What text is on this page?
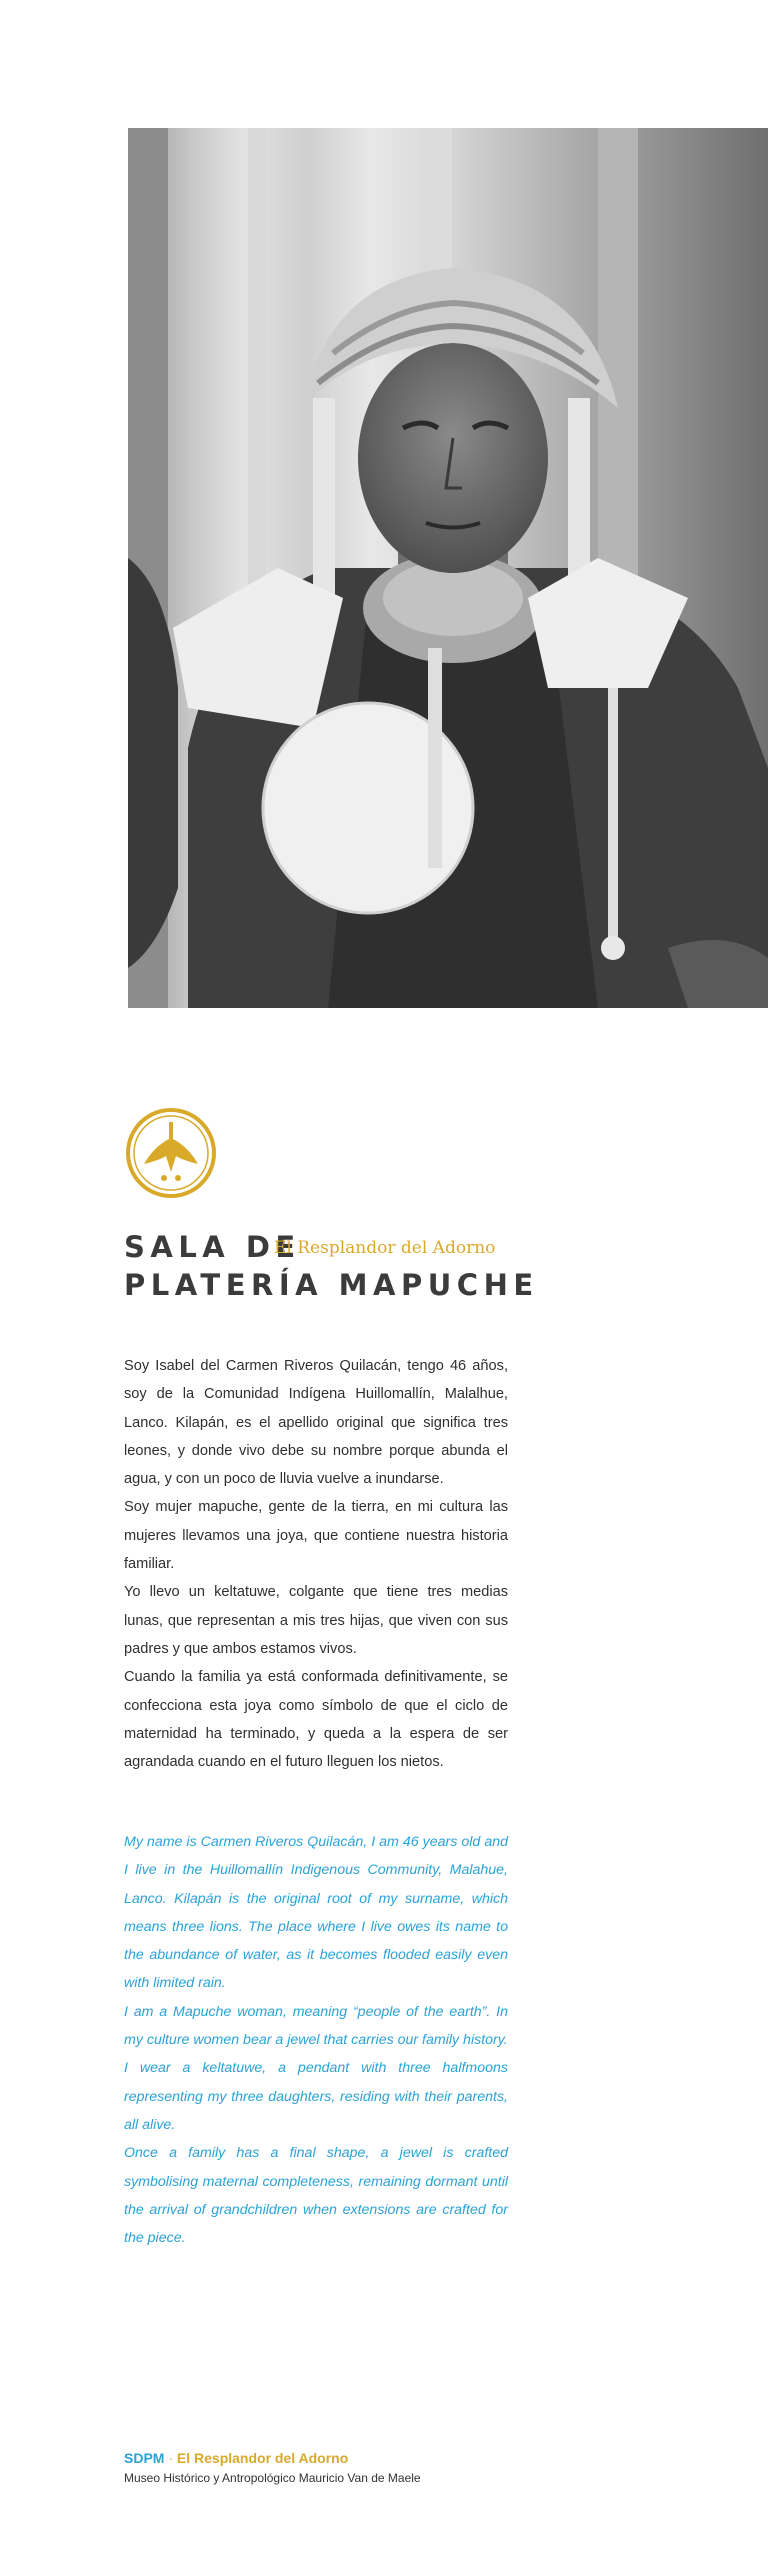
SALA DE
PLATERÍA MAPUCHE
El Resplandor del Adorno

Soy Isabel del Carmen Riveros Quilacán, tengo 46 años, soy de la Comunidad Indígena Huillomallín, Malalhue, Lanco. Kilapán, es el apellido original que significa tres leones, y donde vivo debe su nombre porque abunda el agua, y con un poco de lluvia vuelve a inundarse.

Soy mujer mapuche, gente de la tierra, en mi cultura las mujeres llevamos una joya, que contiene nuestra historia familiar.

Yo llevo un keltatuwe, colgante que tiene tres medias lunas, que representan a mis tres hijas, que viven con sus padres y que ambos estamos vivos.

Cuando la familia ya está conformada definitivamente, se confecciona esta joya como símbolo de que el ciclo de maternidad ha terminado, y queda a la espera de ser agrandada cuando en el futuro lleguen los nietos.

My name is Carmen Riveros Quilacán, I am 46 years old and I live in the Huillomallín Indigenous Community, Malahue, Lanco. Kilapán is the original root of my surname, which means three lions. The place where I live owes its name to the abundance of water, as it becomes flooded easily even with limited rain.

I am a Mapuche woman, meaning “people of the earth”. In my culture women bear a jewel that carries our family history.

I wear a keltatuwe, a pendant with three halfmoons representing my three daughters, residing with their parents, all alive.

Once a family has a final shape, a jewel is crafted symbolising maternal completeness, remaining dormant until the arrival of grandchildren when extensions are crafted for the piece.

SDPM · El Resplandor del Adorno
Museo Histórico y Antropológico Mauricio Van de Maele
